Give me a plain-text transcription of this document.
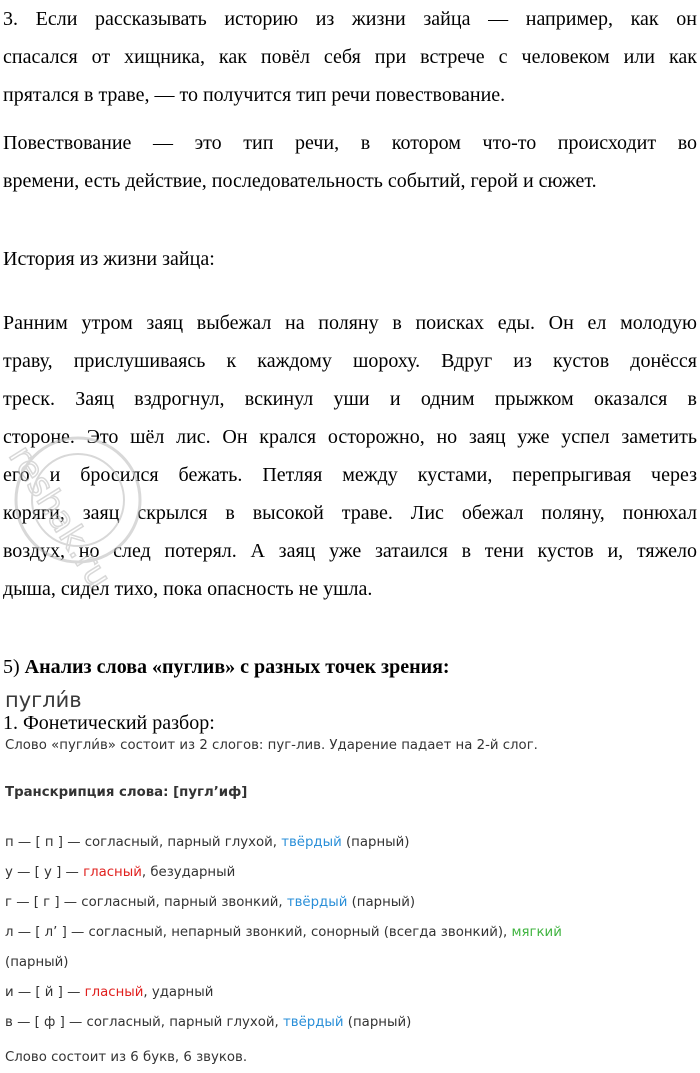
3. Если рассказывать историю из жизни зайца — например, как он
спасался от хищника, как повёл себя при встрече с человеком или как
прятался в траве, — то получится тип речи повествование.
Повествование — это тип речи, в котором что-то происходит во
времени, есть действие, последовательность событий, герой и сюжет.
История из жизни зайца:
Ранним утром заяц выбежал на поляну в поисках еды. Он ел молодую
траву, прислушиваясь к каждому шороху. Вдруг из кустов донёсся
треск. Заяц вздрогнул, вскинул уши и одним прыжком оказался в
стороне. Это шёл лис. Он крался осторожно, но заяц уже успел заметить
его и бросился бежать. Петляя между кустами, перепрыгивая через
коряги, заяц скрылся в высокой траве. Лис обежал поляну, понюхал
воздух, но след потерял. А заяц уже затаился в тени кустов и, тяжело
дыша, сидел тихо, пока опасность не ушла.
5) Анализ слова «пуглив» с разных точек зрения:
1. Фонетический разбор:
пугли́в
Слово «пугли́в» состоит из 2 слогов: пуг-лив. Ударение падает на 2-й слог.
Транскрипция слова: [пугл’иф]
п — [ п ] — согласный, парный глухой, твёрдый (парный)
у — [ у ] — гласный, безударный
г — [ г ] — согласный, парный звонкий, твёрдый (парный)
л — [ л’ ] — согласный, непарный звонкий, сонорный (всегда звонкий), мягкий
(парный)
и — [ й ] — гласный, ударный
в — [ ф ] — согласный, парный глухой, твёрдый (парный)
Слово состоит из 6 букв, 6 звуков.
reshak.ru
